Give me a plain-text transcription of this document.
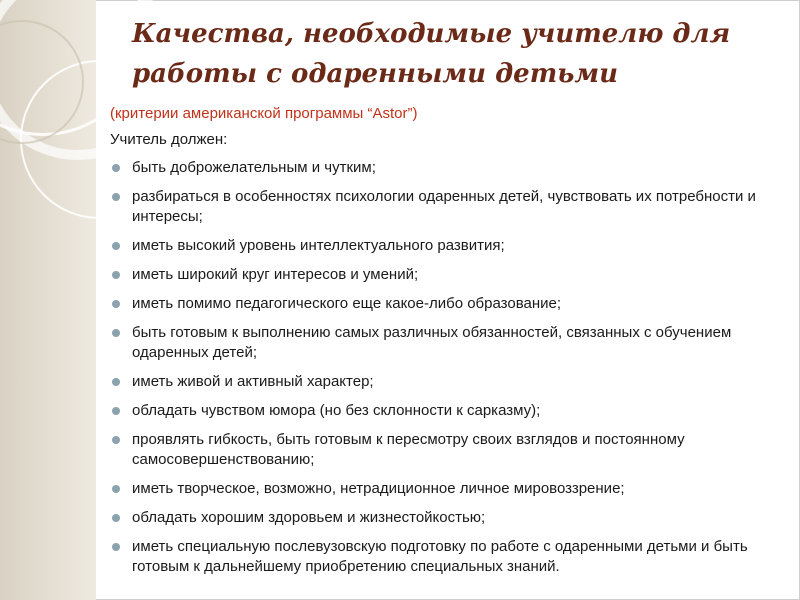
Качества, необходимые учителю для работы с одаренными детьми

(критерии американской программы “Astor”)

Учитель должен:

быть доброжелательным и чутким;
разбираться в особенностях психологии одаренных детей, чувствовать их потребности и интересы;
иметь высокий уровень интеллектуального развития;
иметь широкий круг интересов и умений;
иметь помимо педагогического еще какое-либо образование;
быть готовым к выполнению самых различных обязанностей, связанных с обучением одаренных детей;
иметь живой и активный характер;
обладать чувством юмора (но без склонности к сарказму);
проявлять гибкость, быть готовым к пересмотру своих взглядов и постоянному самосовершенствованию;
иметь творческое, возможно, нетрадиционное личное мировоззрение;
обладать хорошим здоровьем и жизнестойкостью;
иметь специальную послевузовскую подготовку по работе с одаренными детьми и быть готовым к дальнейшему приобретению специальных знаний.
